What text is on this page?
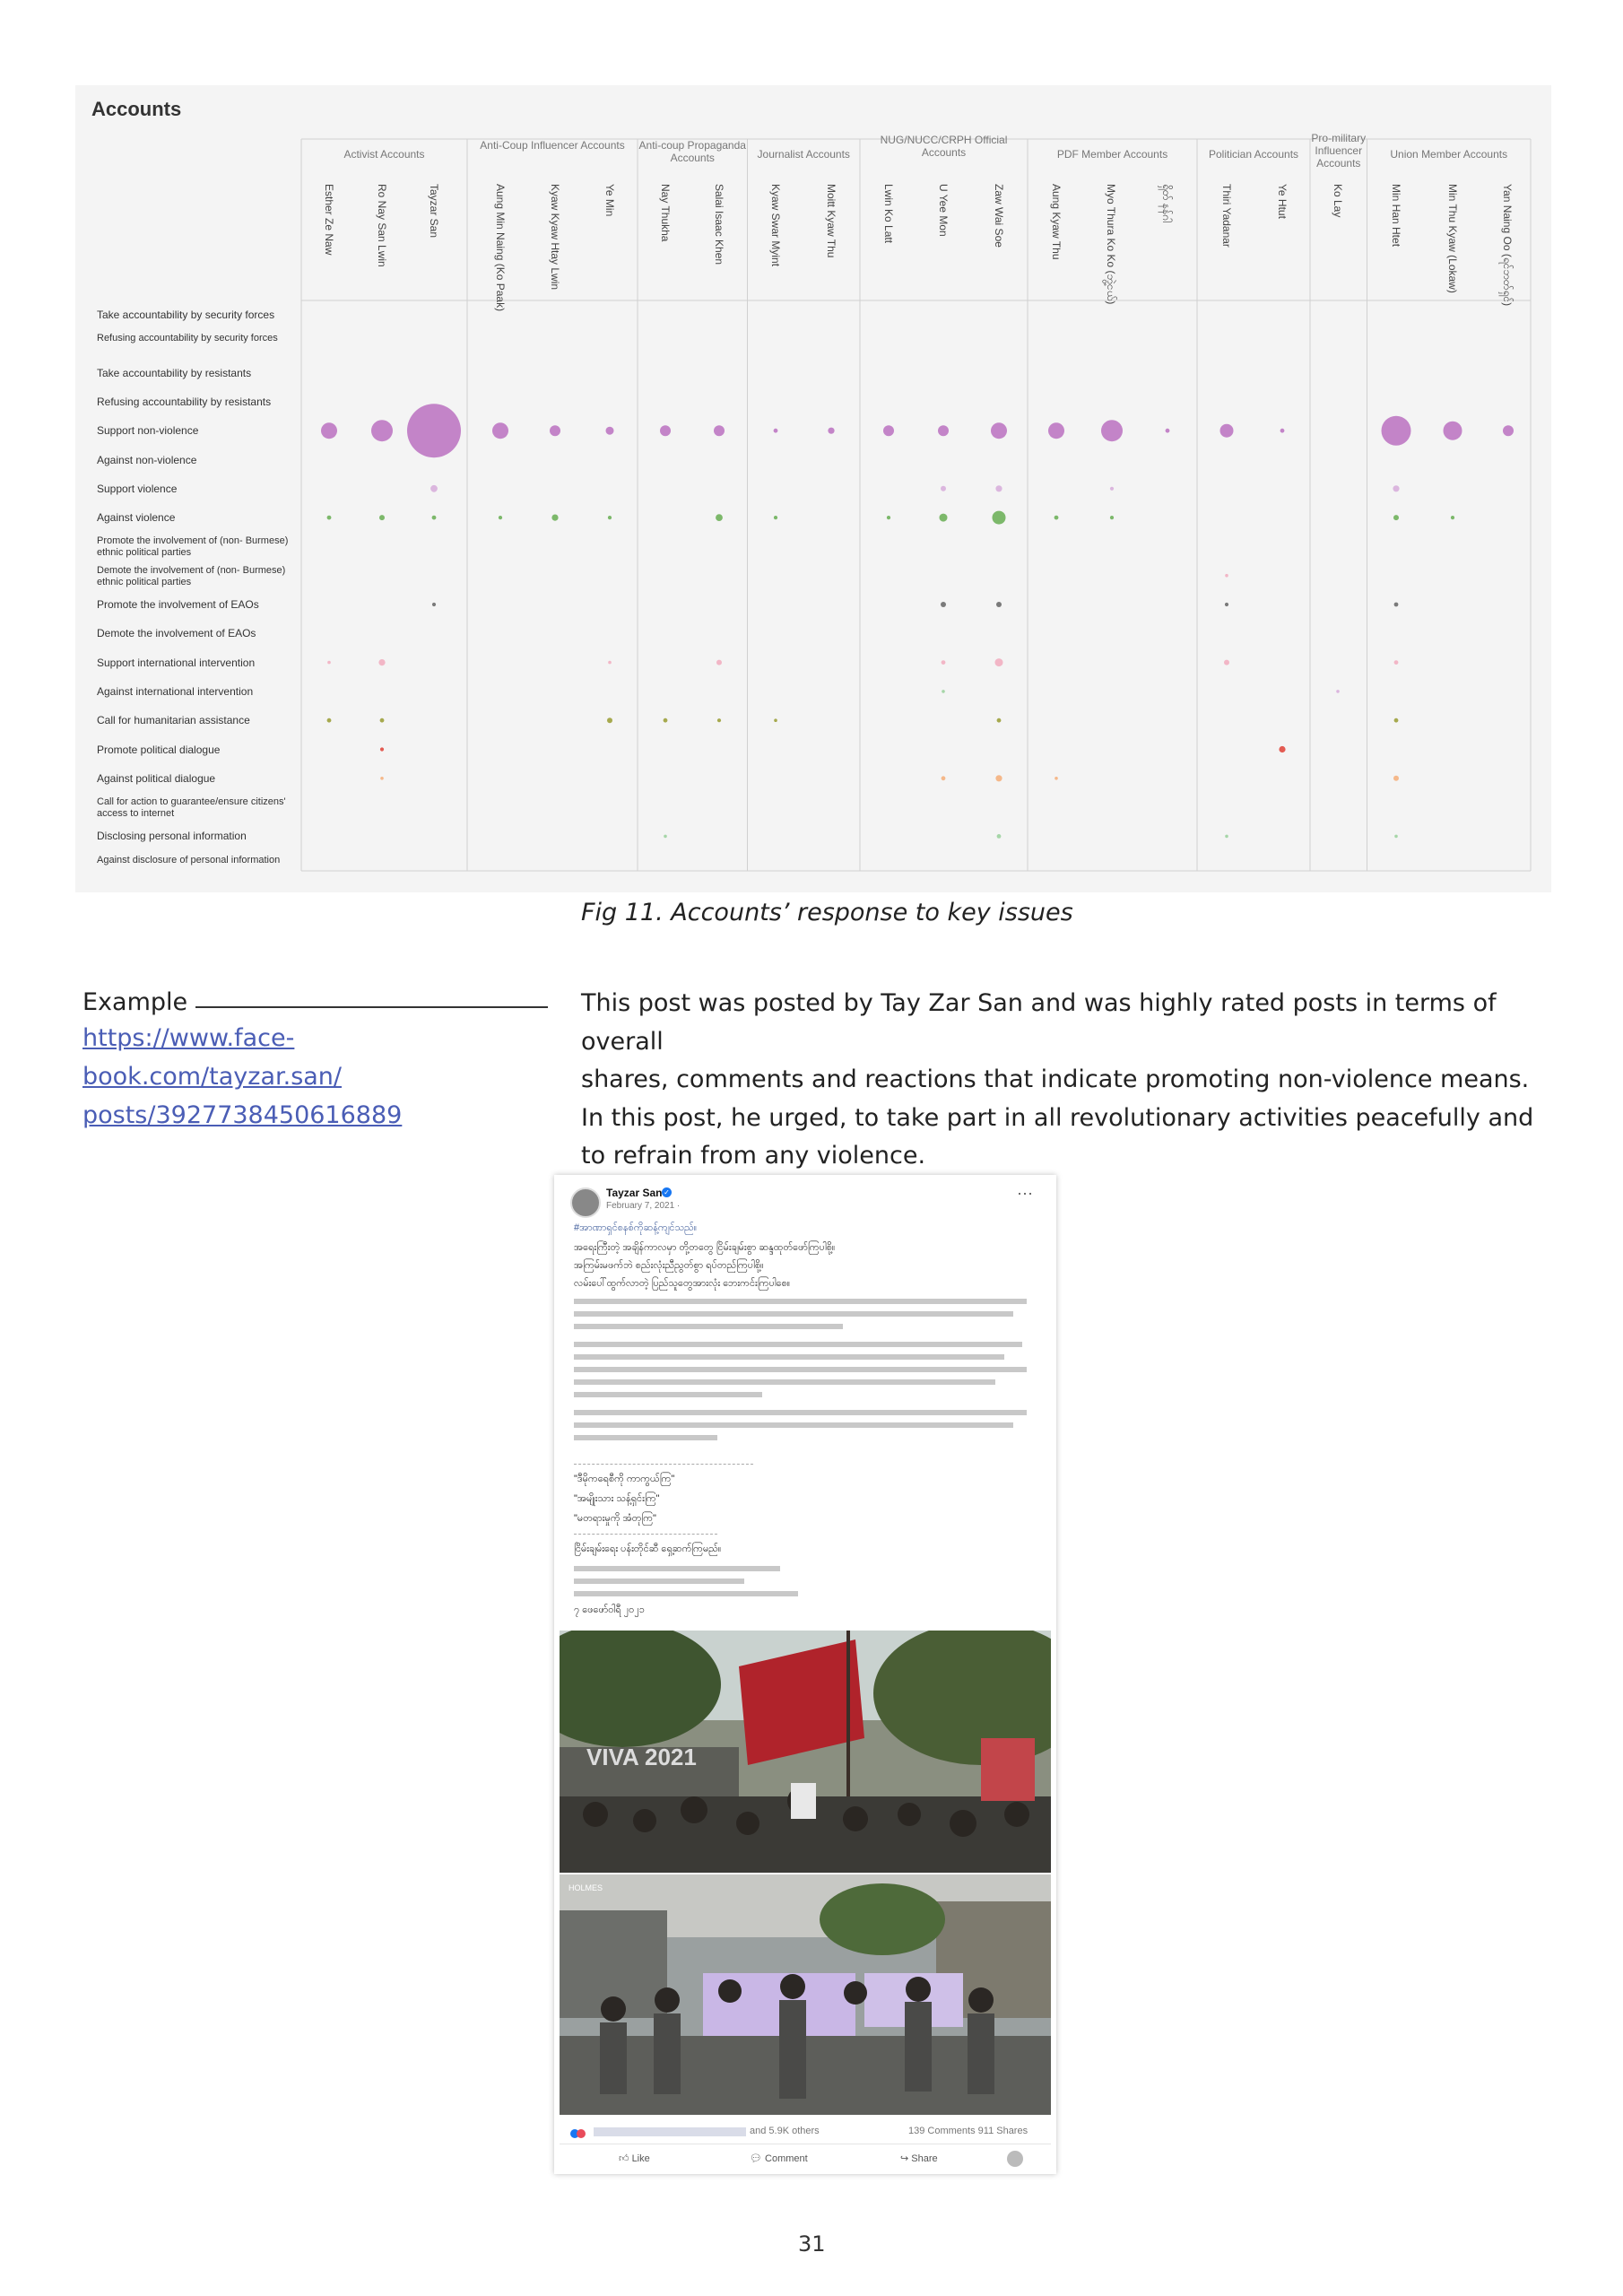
Accounts
Activist Accounts
Esther Ze Naw	Ro Nay San Lwin	Tayzar San
Anti-Coup Influencer Accounts
Aung Min Naing (Ko Paak)	Kyaw Kyaw Htay Lwin	Ye Min
Anti-coup Propaganda Accounts
Nay Thukha	Salai Isaac Khen
Journalist Accounts
Kyaw Swar Myint	Moitt Kyaw Thu
NUG/NUCC/CRPH Official Accounts
Lwin Ko Latt	U Yee Mon	Zaw Wai Soe
PDF Member Accounts
Aung Kyaw Thu	Myo Thura Ko Ko (ဘွဲ့ငယ်)	ရှိတ် နန်ဂါ
Politician Accounts
Thiri Yadanar	Ye Htut
Pro-military Influencer Accounts
Ko Lay
Union Member Accounts
Min Han Htet	Min Thu Kyaw (Lokaw)	Yan Naing Oo (ရင်ဘတ်ရှင်)
Take accountability by security forces
Refusing accountability by security forces
Take accountability by resistants
Refusing accountability by resistants
Support non-violence
Against non-violence
Support violence
Against violence
Promote the involvement of (non- Burmese) ethnic political parties
Demote the involvement of (non- Burmese) ethnic political parties
Promote the involvement of EAOs
Demote the involvement of EAOs
Support international intervention
Against international intervention
Call for humanitarian assistance
Promote political dialogue
Against political dialogue
Call for action to guarantee/ensure citizens' access to internet
Disclosing personal information
Against disclosure of personal information
Fig 11. Accounts’ response to key issues
Example
https://www.face-
book.com/tayzar.san/
posts/3927738450616889
This post was posted by Tay Zar San and was highly rated posts in terms of overall
shares, comments and reactions that indicate promoting non-violence means.
In this post, he urged, to take part in all revolutionary activities peacefully and
to refrain from any violence.
Tayzar San ✓
February 7, 2021 ·
···
#အာဏာရှင်စနစ်ကိုဆန့်ကျင်သည်။
အရေးကြီးတဲ့ အချိန်ကာလမှာ တို့တတွေ ငြိမ်းချမ်းစွာ ဆန္ဒထုတ်ဖော်ကြပါစို့။
အကြမ်းမဖက်ဘဲ စည်းလုံးညီညွတ်စွာ ရပ်တည်ကြပါစို့။
လမ်းပေါ်ထွက်လာတဲ့ ပြည်သူတွေအားလုံး ဘေးကင်းကြပါစေ။
"ဒီမိုကရေစီကို ကာကွယ်ကြ"
"အမျိုးသား သန့်ရှင်းကြ"
"မတရားမှုကို အံတုကြ"
ငြိမ်းချမ်းရေး ပန်းတိုင်ဆီ ရှေ့ဆက်ကြမည်။
၇ ဖေဖော်ဝါရီ ၂၀၂၁
VIVA 2021
HOLMES
and 5.9K others	139 Comments 911 Shares
👍︎ Like	💬︎ Comment	↪ Share
31
